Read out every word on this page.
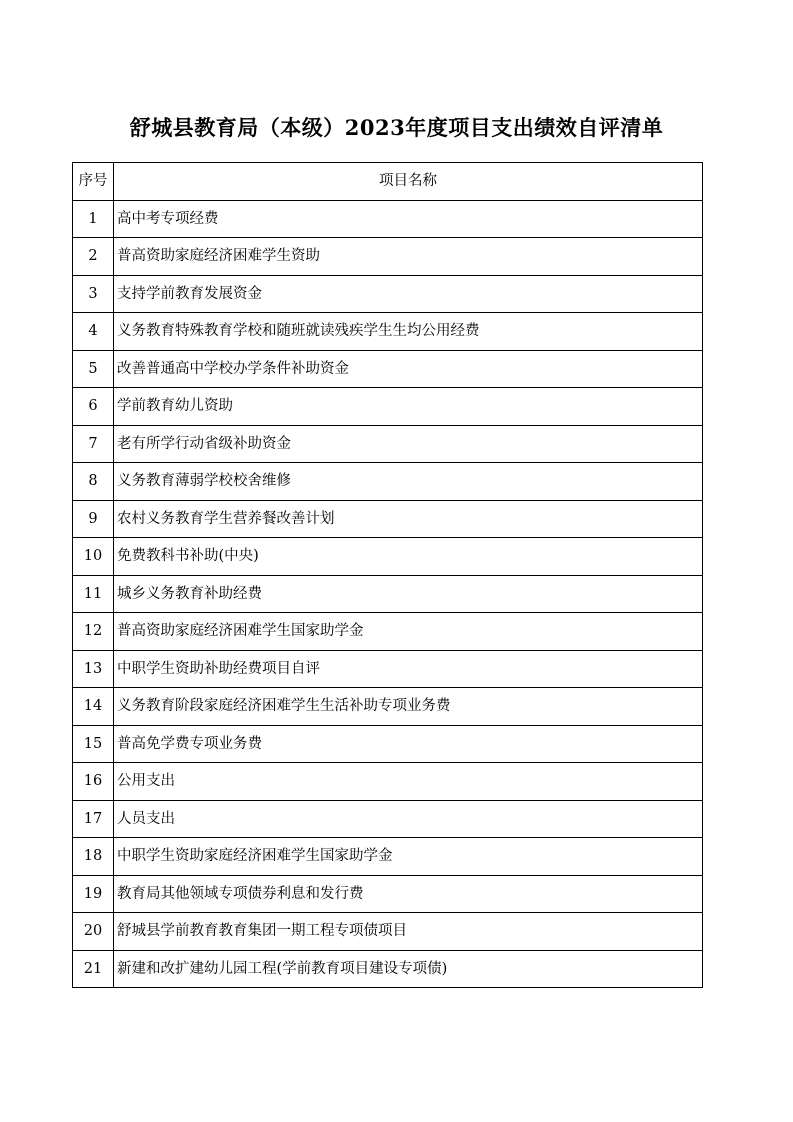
舒城县教育局（本级）2023年度项目支出绩效自评清单
序号	项目名称
1	高中考专项经费
2	普高资助家庭经济困难学生资助
3	支持学前教育发展资金
4	义务教育特殊教育学校和随班就读残疾学生生均公用经费
5	改善普通高中学校办学条件补助资金
6	学前教育幼儿资助
7	老有所学行动省级补助资金
8	义务教育薄弱学校校舍维修
9	农村义务教育学生营养餐改善计划
10	免费教科书补助(中央)
11	城乡义务教育补助经费
12	普高资助家庭经济困难学生国家助学金
13	中职学生资助补助经费项目自评
14	义务教育阶段家庭经济困难学生生活补助专项业务费
15	普高免学费专项业务费
16	公用支出
17	人员支出
18	中职学生资助家庭经济困难学生国家助学金
19	教育局其他领域专项债券利息和发行费
20	舒城县学前教育教育集团一期工程专项债项目
21	新建和改扩建幼儿园工程(学前教育项目建设专项债)
